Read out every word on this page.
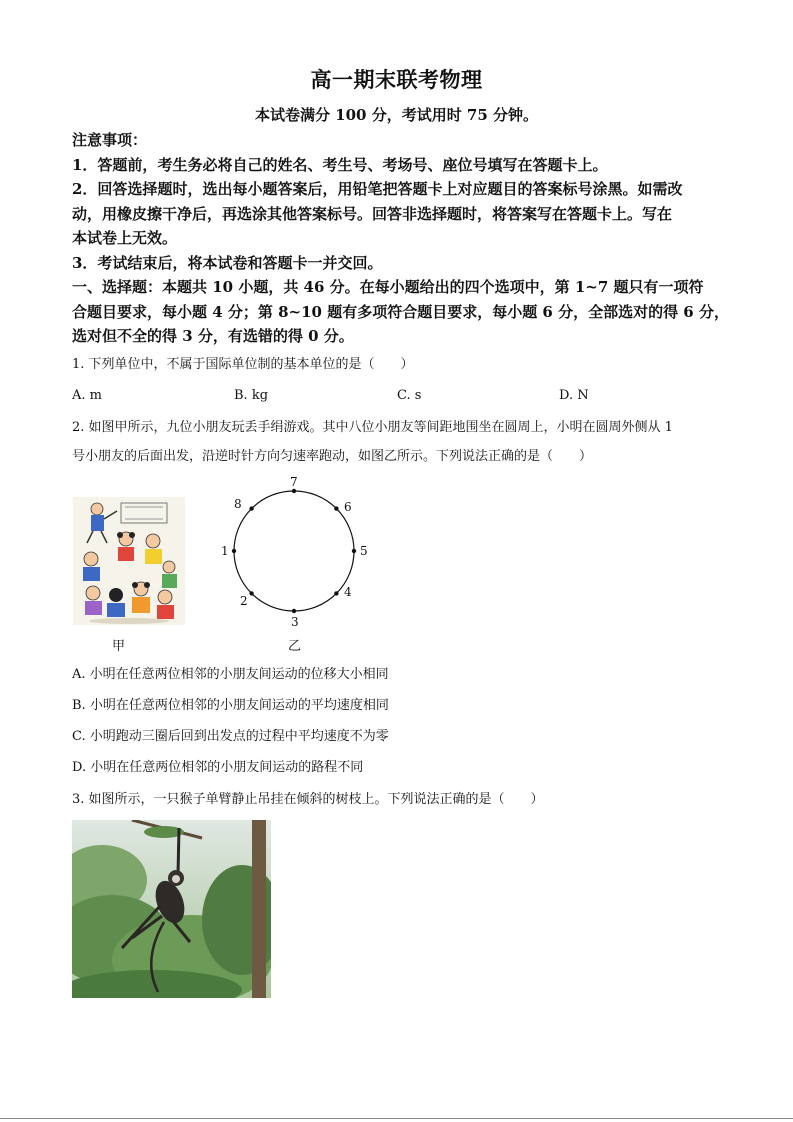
高一期末联考物理
本试卷满分 100 分，考试用时 75 分钟。
注意事项：
1．答题前，考生务必将自己的姓名、考生号、考场号、座位号填写在答题卡上。
2．回答选择题时，选出每小题答案后，用铅笔把答题卡上对应题目的答案标号涂黑。如需改
动，用橡皮擦干净后，再选涂其他答案标号。回答非选择题时，将答案写在答题卡上。写在
本试卷上无效。
3．考试结束后，将本试卷和答题卡一并交回。
一、选择题：本题共 10 小题，共 46 分。在每小题给出的四个选项中，第 1~7 题只有一项符
合题目要求，每小题 4 分；第 8~10 题有多项符合题目要求，每小题 6 分，全部选对的得 6 分，
选对但不全的得 3 分，有选错的得 0 分。
1. 下列单位中，不属于国际单位制的基本单位的是（　　）
A. m	B. kg	C. s	D. N
2. 如图甲所示，九位小朋友玩丢手绢游戏。其中八位小朋友等间距地围坐在圆周上，小明在圆周外侧从 1
号小朋友的后面出发，沿逆时针方向匀速率跑动，如图乙所示。下列说法正确的是（　　）
甲
1
2
3
4
5
6
7
8
乙
A. 小明在任意两位相邻的小朋友间运动的位移大小相同
B. 小明在任意两位相邻的小朋友间运动的平均速度相同
C. 小明跑动三圈后回到出发点的过程中平均速度不为零
D. 小明在任意两位相邻的小朋友间运动的路程不同
3. 如图所示，一只猴子单臂静止吊挂在倾斜的树枝上。下列说法正确的是（　　）
